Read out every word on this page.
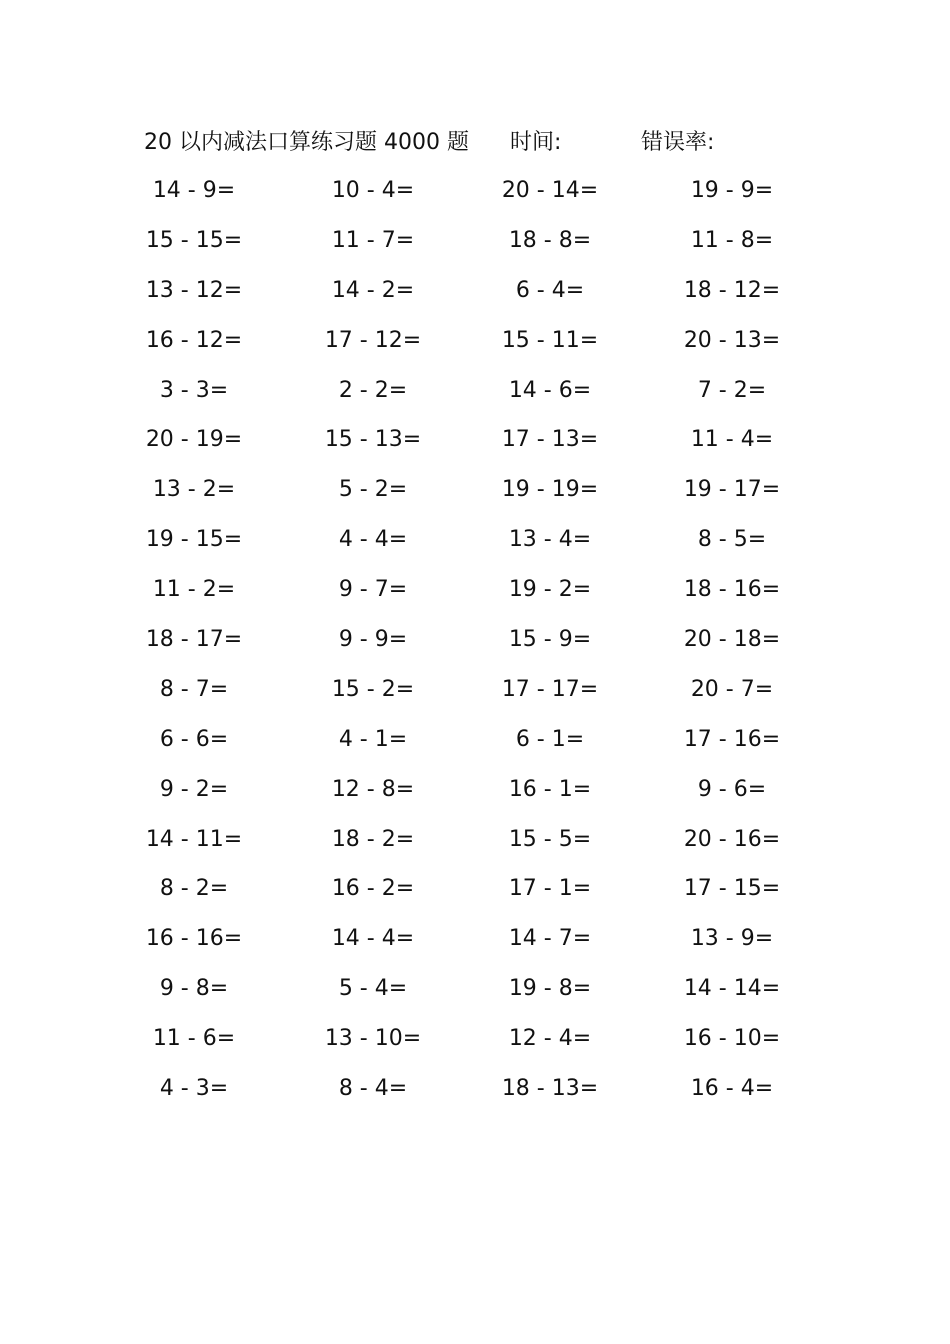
20 以内减法口算练习题 4000 题 时间:	错误率:
14 - 9=	10 - 4=	20 - 14=	19 - 9=
15 - 15=	11 - 7=	18 - 8=	11 - 8=
13 - 12=	14 - 2=	6 - 4=	18 - 12=
16 - 12=	17 - 12=	15 - 11=	20 - 13=
3 - 3=	2 - 2=	14 - 6=	7 - 2=
20 - 19=	15 - 13=	17 - 13=	11 - 4=
13 - 2=	5 - 2=	19 - 19=	19 - 17=
19 - 15=	4 - 4=	13 - 4=	8 - 5=
11 - 2=	9 - 7=	19 - 2=	18 - 16=
18 - 17=	9 - 9=	15 - 9=	20 - 18=
8 - 7=	15 - 2=	17 - 17=	20 - 7=
6 - 6=	4 - 1=	6 - 1=	17 - 16=
9 - 2=	12 - 8=	16 - 1=	9 - 6=
14 - 11=	18 - 2=	15 - 5=	20 - 16=
8 - 2=	16 - 2=	17 - 1=	17 - 15=
16 - 16=	14 - 4=	14 - 7=	13 - 9=
9 - 8=	5 - 4=	19 - 8=	14 - 14=
11 - 6=	13 - 10=	12 - 4=	16 - 10=
4 - 3=	8 - 4=	18 - 13=	16 - 4=
